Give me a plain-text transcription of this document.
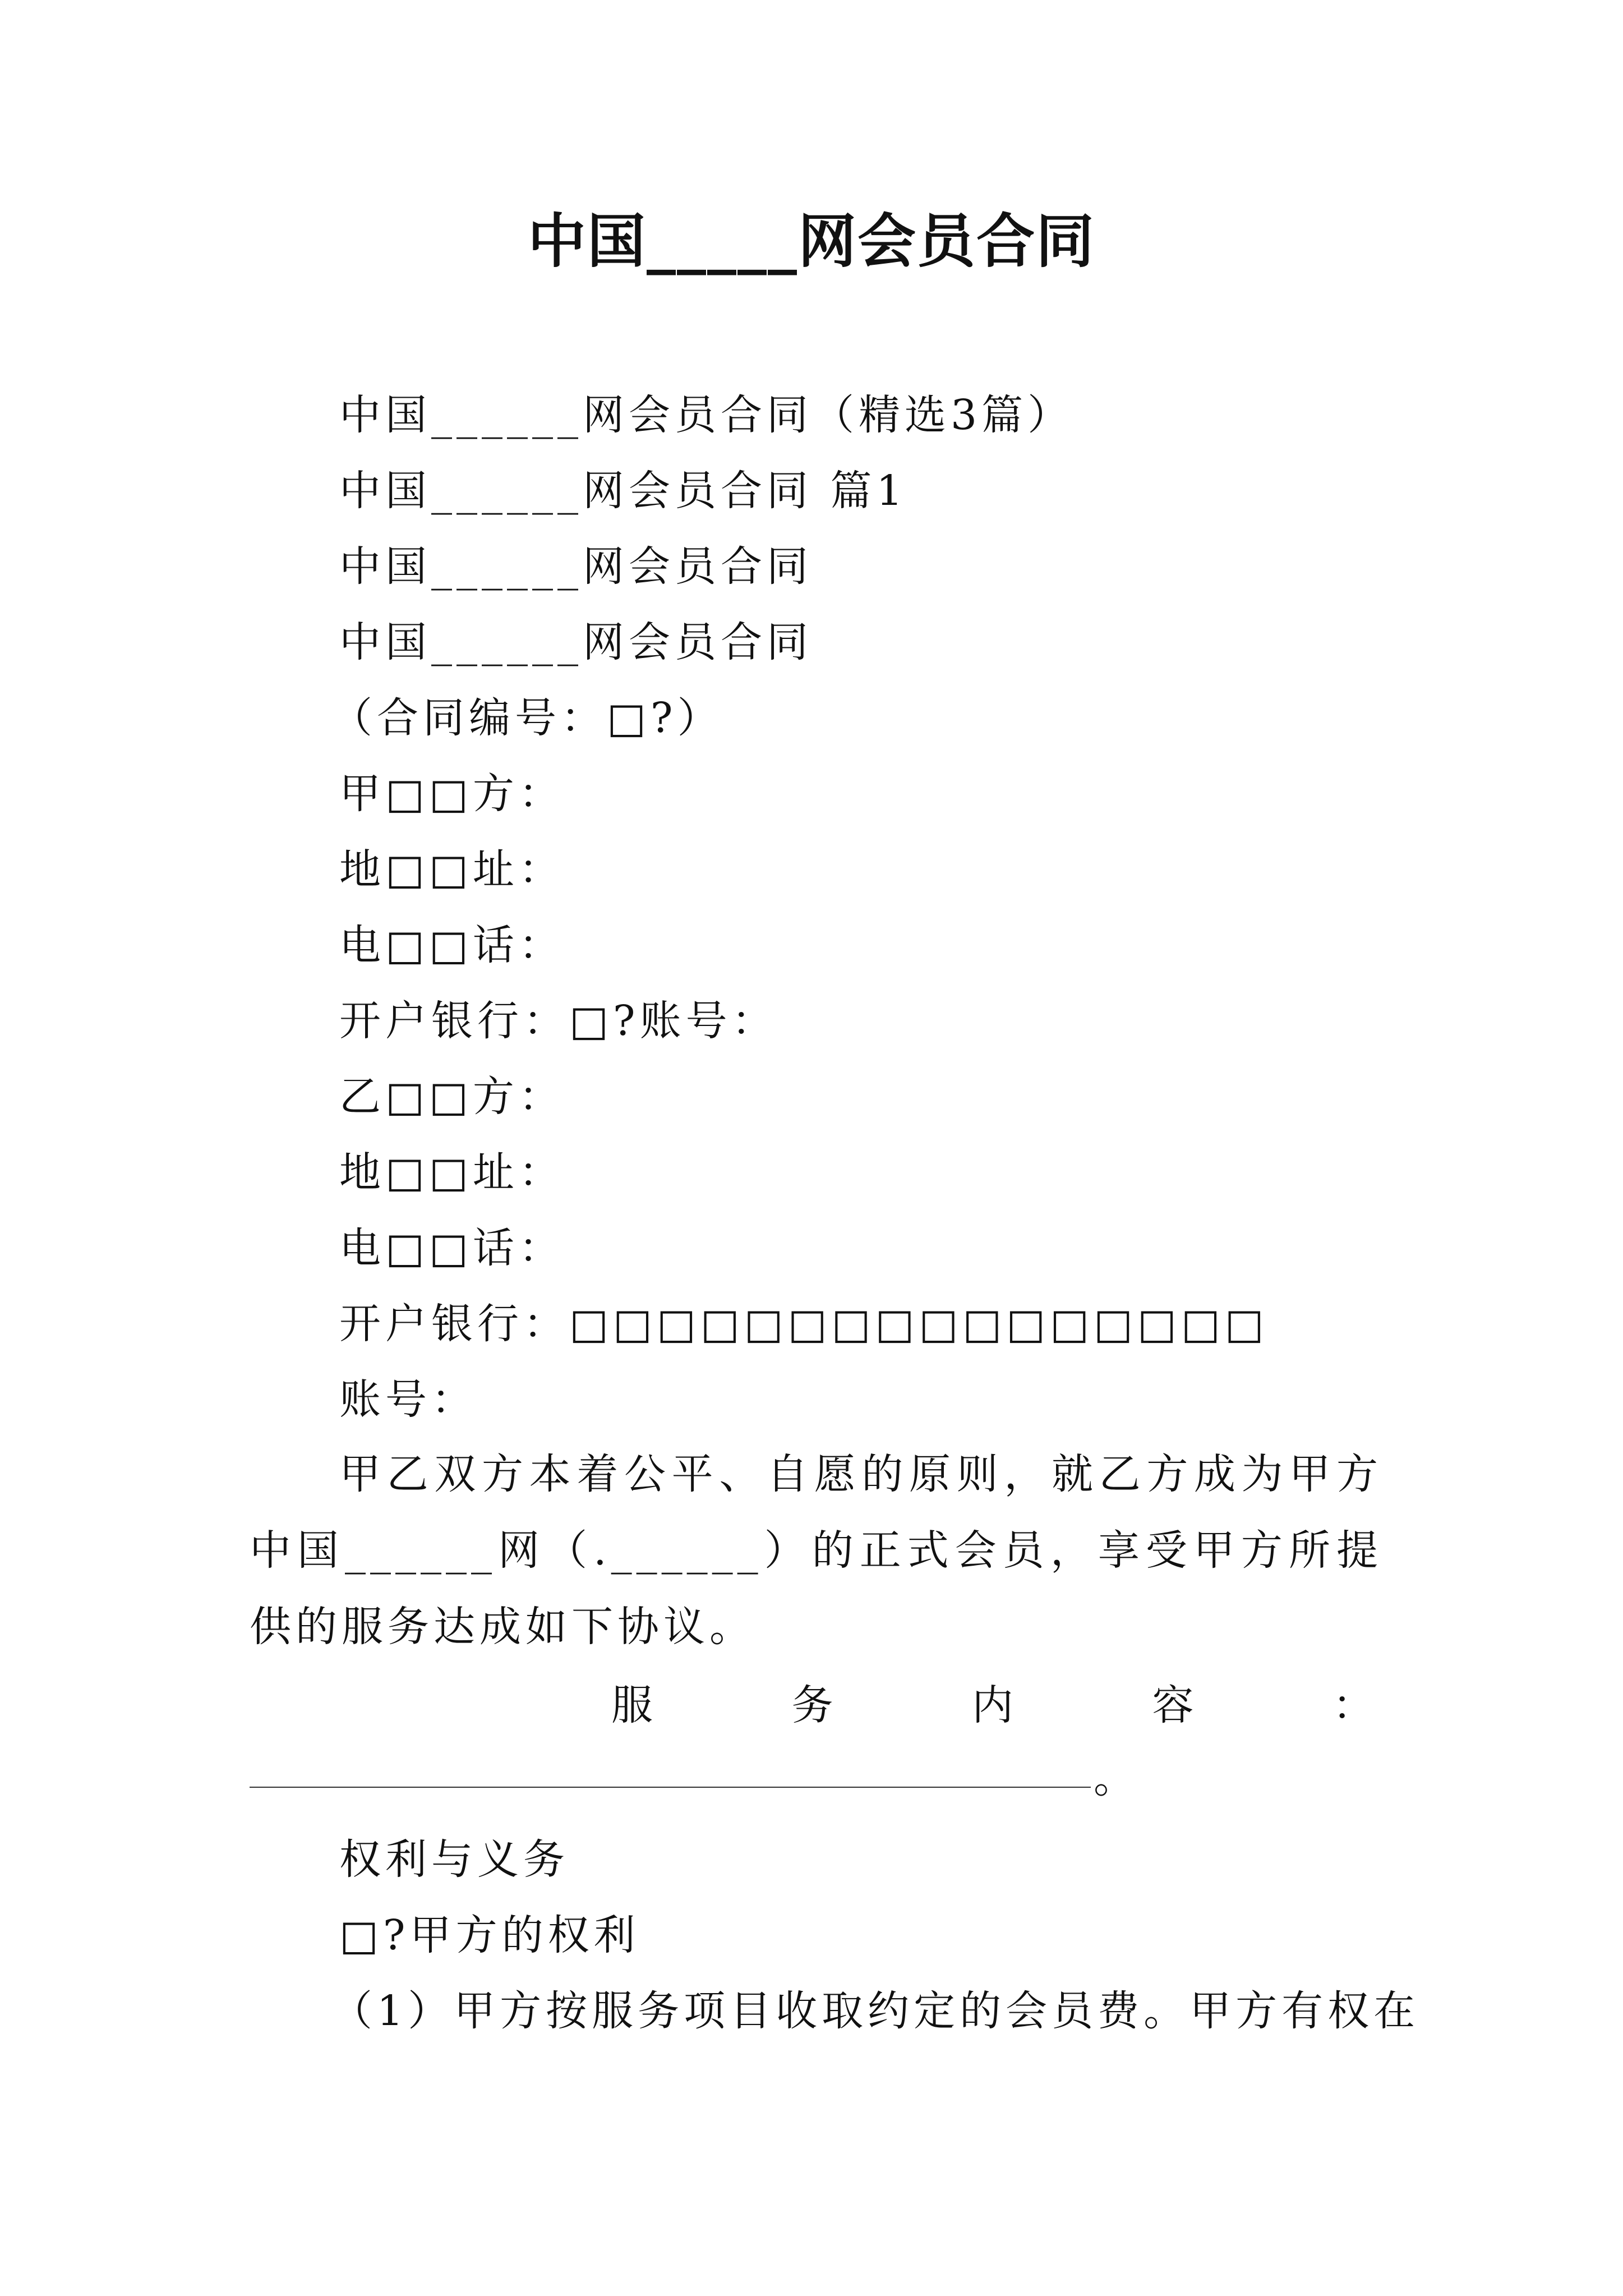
中国_____网会员合同
中国______网会员合同（精选3篇）
中国______网会员合同 篇1
中国______网会员合同
中国______网会员合同
（合同编号：□?）
甲□□方：
地□□址：
电□□话：
开户银行：□?账号：
乙□□方：
地□□址：
电□□话：
开户银行：□□□□□□□□□□□□□□□□
账号：
甲乙双方本着公平、自愿的原则，就乙方成为甲方中国______网（.______）的正式会员，享受甲方所提供的服务达成如下协议。
服	务	内	容	：
。
权利与义务
□?甲方的权利
（1）甲方按服务项目收取约定的会员费。甲方有权在
